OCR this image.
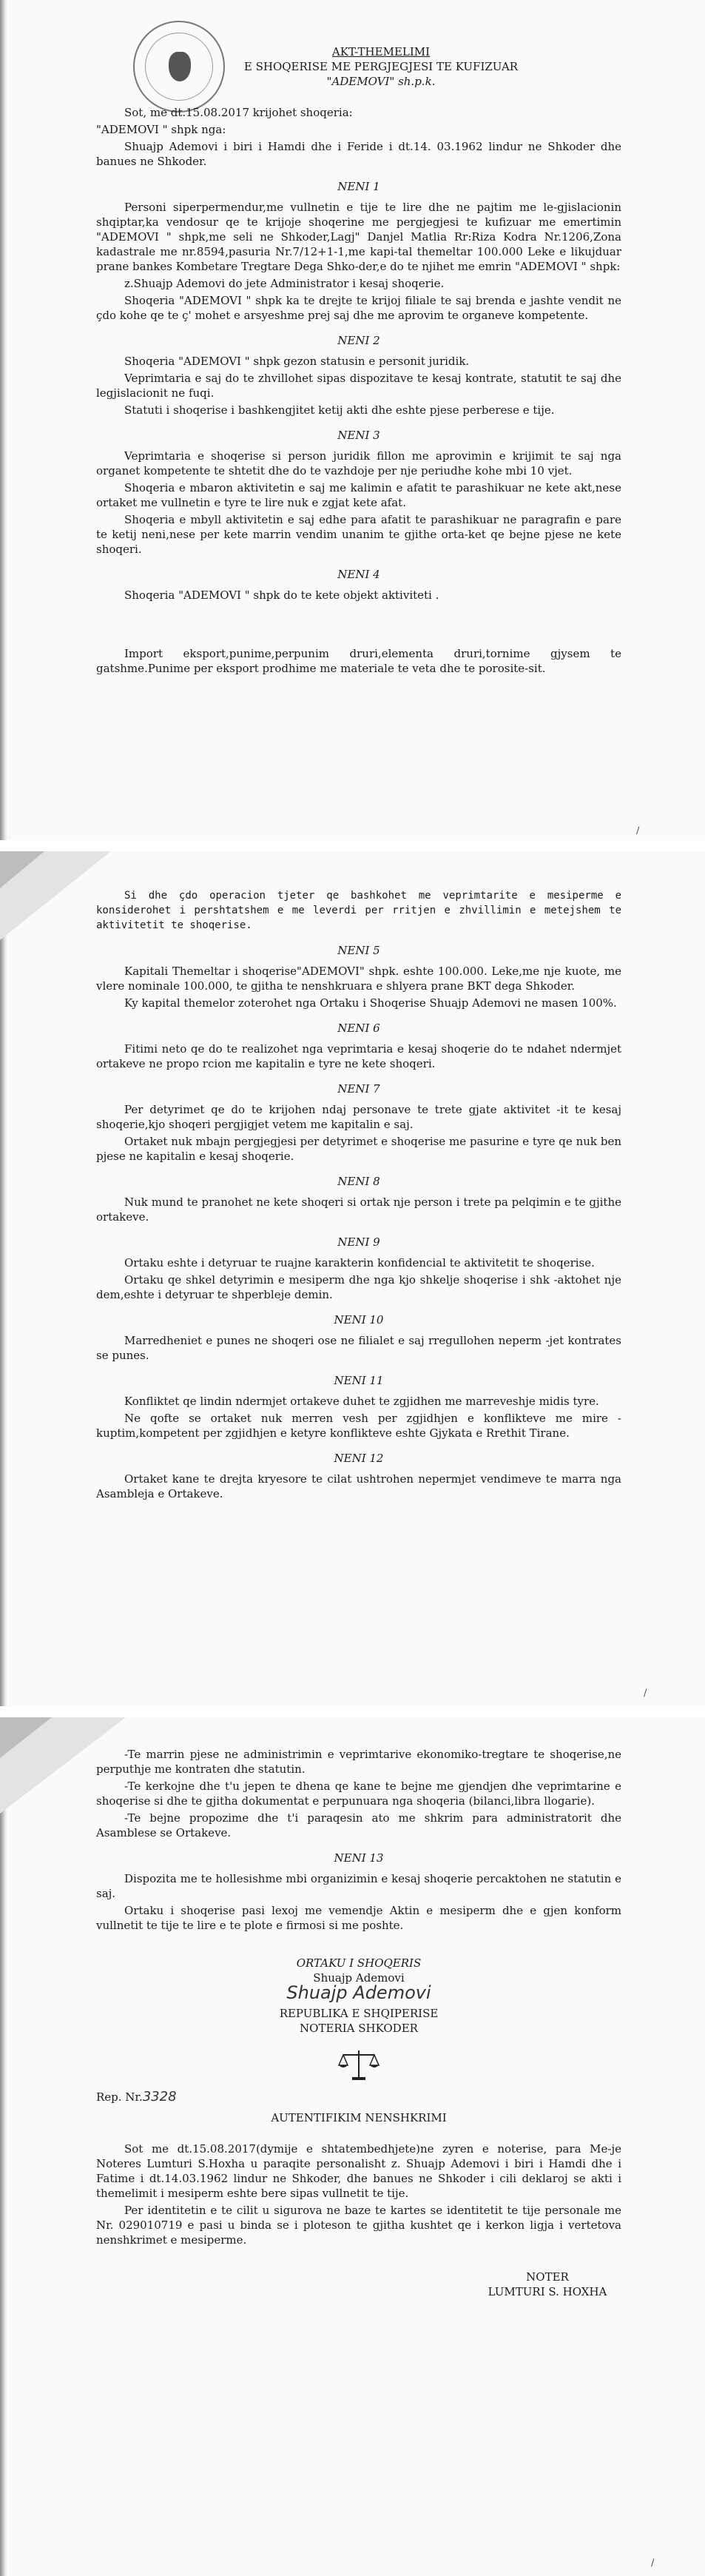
AKT-THEMELIMI
E SHOQERISE ME PERGJEGJESI TE KUFIZUAR
"ADEMOVI" sh.p.k.

Sot, me dt.15.08.2017 krijohet shoqeria:

"ADEMOVI " shpk nga:

Shuajp Ademovi i biri i Hamdi dhe i Feride i dt.14. 03.1962 lindur ne Shkoder dhe banues ne Shkoder.

NENI 1

Personi siperpermendur,me vullnetin e tije te lire dhe ne pajtim me le-gjislacionin shqiptar,ka vendosur qe te krijoje shoqerine me pergjegjesi te kufizuar me emertimin "ADEMOVI " shpk,me seli ne Shkoder,Lagj" Danjel Matlia Rr:Riza Kodra Nr.1206,Zona kadastrale me nr.8594,pasuria Nr.7/12+1-1,me kapi-tal themeltar 100.000 Leke e likujduar prane bankes Kombetare Tregtare Dega Shko-der,e do te njihet me emrin "ADEMOVI " shpk:

z.Shuajp Ademovi do jete Administrator i kesaj shoqerie.

Shoqeria "ADEMOVI " shpk ka te drejte te krijoj filiale te saj brenda e jashte vendit ne çdo kohe qe te ç' mohet e arsyeshme prej saj dhe me aprovim te organeve kompetente.

NENI 2

Shoqeria "ADEMOVI " shpk gezon statusin e personit juridik.

Veprimtaria e saj do te zhvillohet sipas dispozitave te kesaj kontrate, statutit te saj dhe legjislacionit ne fuqi.

Statuti i shoqerise i bashkengjitet ketij akti dhe eshte pjese perberese e tije.

NENI 3

Veprimtaria e shoqerise si person juridik fillon me aprovimin e krijimit te saj nga organet kompetente te shtetit dhe do te vazhdoje per nje periudhe kohe mbi 10 vjet.

Shoqeria e mbaron aktivitetin e saj me kalimin e afatit te parashikuar ne kete akt,nese ortaket me vullnetin e tyre te lire nuk e zgjat kete afat.

Shoqeria e mbyll aktivitetin e saj edhe para afatit te parashikuar ne paragrafin e pare te ketij neni,nese per kete marrin vendim unanim te gjithe orta-ket qe bejne pjese ne kete shoqeri.

NENI 4

Shoqeria "ADEMOVI " shpk do te kete objekt aktiviteti .

Import eksport,punime,perpunim druri,elementa druri,tornime gjysem te gatshme.Punime per eksport prodhime me materiale te veta dhe te porosite-sit.

/

Si dhe çdo operacion tjeter qe bashkohet me veprimtarite e mesiperme e konsiderohet i pershtatshem e me leverdi per rritjen e zhvillimin e metejshem te aktivitetit te shoqerise.

NENI 5

Kapitali Themeltar i shoqerise"ADEMOVI" shpk. eshte 100.000. Leke,me nje kuote, me vlere nominale 100.000, te gjitha te nenshkruara e shlyera prane BKT dega Shkoder.

Ky kapital themelor zoterohet nga Ortaku i Shoqerise Shuajp Ademovi ne masen 100%.

NENI 6

Fitimi neto qe do te realizohet nga veprimtaria e kesaj shoqerie do te ndahet ndermjet ortakeve ne propo rcion me kapitalin e tyre ne kete shoqeri.

NENI 7

Per detyrimet qe do te krijohen ndaj personave te trete gjate aktivitet -it te kesaj shoqerie,kjo shoqeri pergjigjet vetem me kapitalin e saj.

Ortaket nuk mbajn pergjegjesi per detyrimet e shoqerise me pasurine e tyre qe nuk ben pjese ne kapitalin e kesaj shoqerie.

NENI 8

Nuk mund te pranohet ne kete shoqeri si ortak nje person i trete pa pelqimin e te gjithe ortakeve.

NENI 9

Ortaku eshte i detyruar te ruajne karakterin konfidencial te aktivitetit te shoqerise.

Ortaku qe shkel detyrimin e mesiperm dhe nga kjo shkelje shoqerise i shk -aktohet nje dem,eshte i detyruar te shperbleje demin.

NENI 10

Marredheniet e punes ne shoqeri ose ne filialet e saj rregullohen neperm -jet kontrates se punes.

NENI 11

Konfliktet qe lindin ndermjet ortakeve duhet te zgjidhen me marreveshje midis tyre.

Ne qofte se ortaket nuk merren vesh per zgjidhjen e konflikteve me mire -kuptim,kompetent per zgjidhjen e ketyre konflikteve eshte Gjykata e Rrethit Tirane.

NENI 12

Ortaket kane te drejta kryesore te cilat ushtrohen nepermjet vendimeve te marra nga Asambleja e Ortakeve.

/

-Te marrin pjese ne administrimin e veprimtarive ekonomiko-tregtare te shoqerise,ne perputhje me kontraten dhe statutin.

-Te kerkojne dhe t'u jepen te dhena qe kane te bejne me gjendjen dhe veprimtarine e shoqerise si dhe te gjitha dokumentat e perpunuara nga shoqeria (bilanci,libra llogarie).

-Te bejne propozime dhe t'i paraqesin ato me shkrim para administratorit dhe Asamblese se Ortakeve.

NENI 13

Dispozita me te hollesishme mbi organizimin e kesaj shoqerie percaktohen ne statutin e saj.

Ortaku i shoqerise pasi lexoj me vemendje Aktin e mesiperm dhe e gjen konform vullnetit te tije te lire e te plote e firmosi si me poshte.

ORTAKU I SHOQERIS
Shuajp Ademovi
Shuajp Ademovi
REPUBLIKA E SHQIPERISE
NOTERIA SHKODER
Rep. Nr.3328
AUTENTIFIKIM NENSHKRIMI

Sot me dt.15.08.2017(dymije e shtatembedhjete)ne zyren e noterise, para Me-je Noteres Lumturi S.Hoxha u paraqite personalisht z. Shuajp Ademovi i biri i Hamdi dhe i Fatime i dt.14.03.1962 lindur ne Shkoder, dhe banues ne Shkoder i cili deklaroj se akti i themelimit i mesiperm eshte bere sipas vullnetit te tije.

Per identitetin e te cilit u sigurova ne baze te kartes se identitetit te tije personale me Nr. 029010719 e pasi u binda se i ploteson te gjitha kushtet qe i kerkon ligja i vertetova nenshkrimet e mesiperme.

NOTER
LUMTURI S. HOXHA
/
